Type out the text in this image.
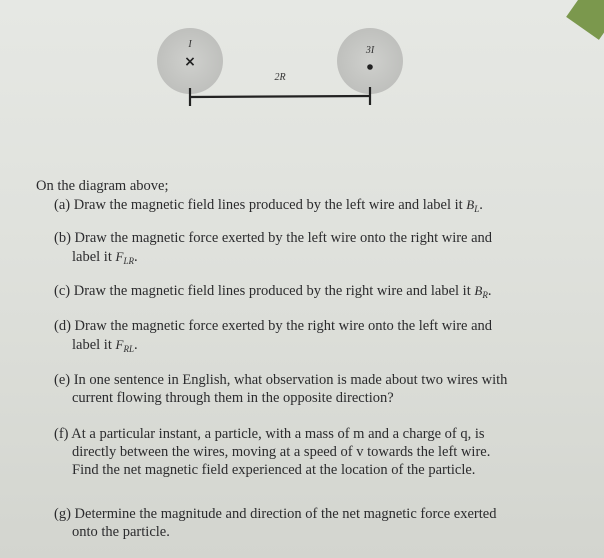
I
×
3I
2R
On the diagram above;
(a) Draw the magnetic field lines produced by the left wire and label it $B_L$.
(b) Draw the magnetic force exerted by the left wire onto the right wire and
label it $F_{LR}$.
(c) Draw the magnetic field lines produced by the right wire and label it $B_R$.
(d) Draw the magnetic force exerted by the right wire onto the left wire and
label it $F_{RL}$.
(e) In one sentence in English, what observation is made about two wires with
current flowing through them in the opposite direction?
(f) At a particular instant, a particle, with a mass of m and a charge of q, is
directly between the wires, moving at a speed of v towards the left wire.
Find the net magnetic field experienced at the location of the particle.
(g) Determine the magnitude and direction of the net magnetic force exerted
onto the particle.
